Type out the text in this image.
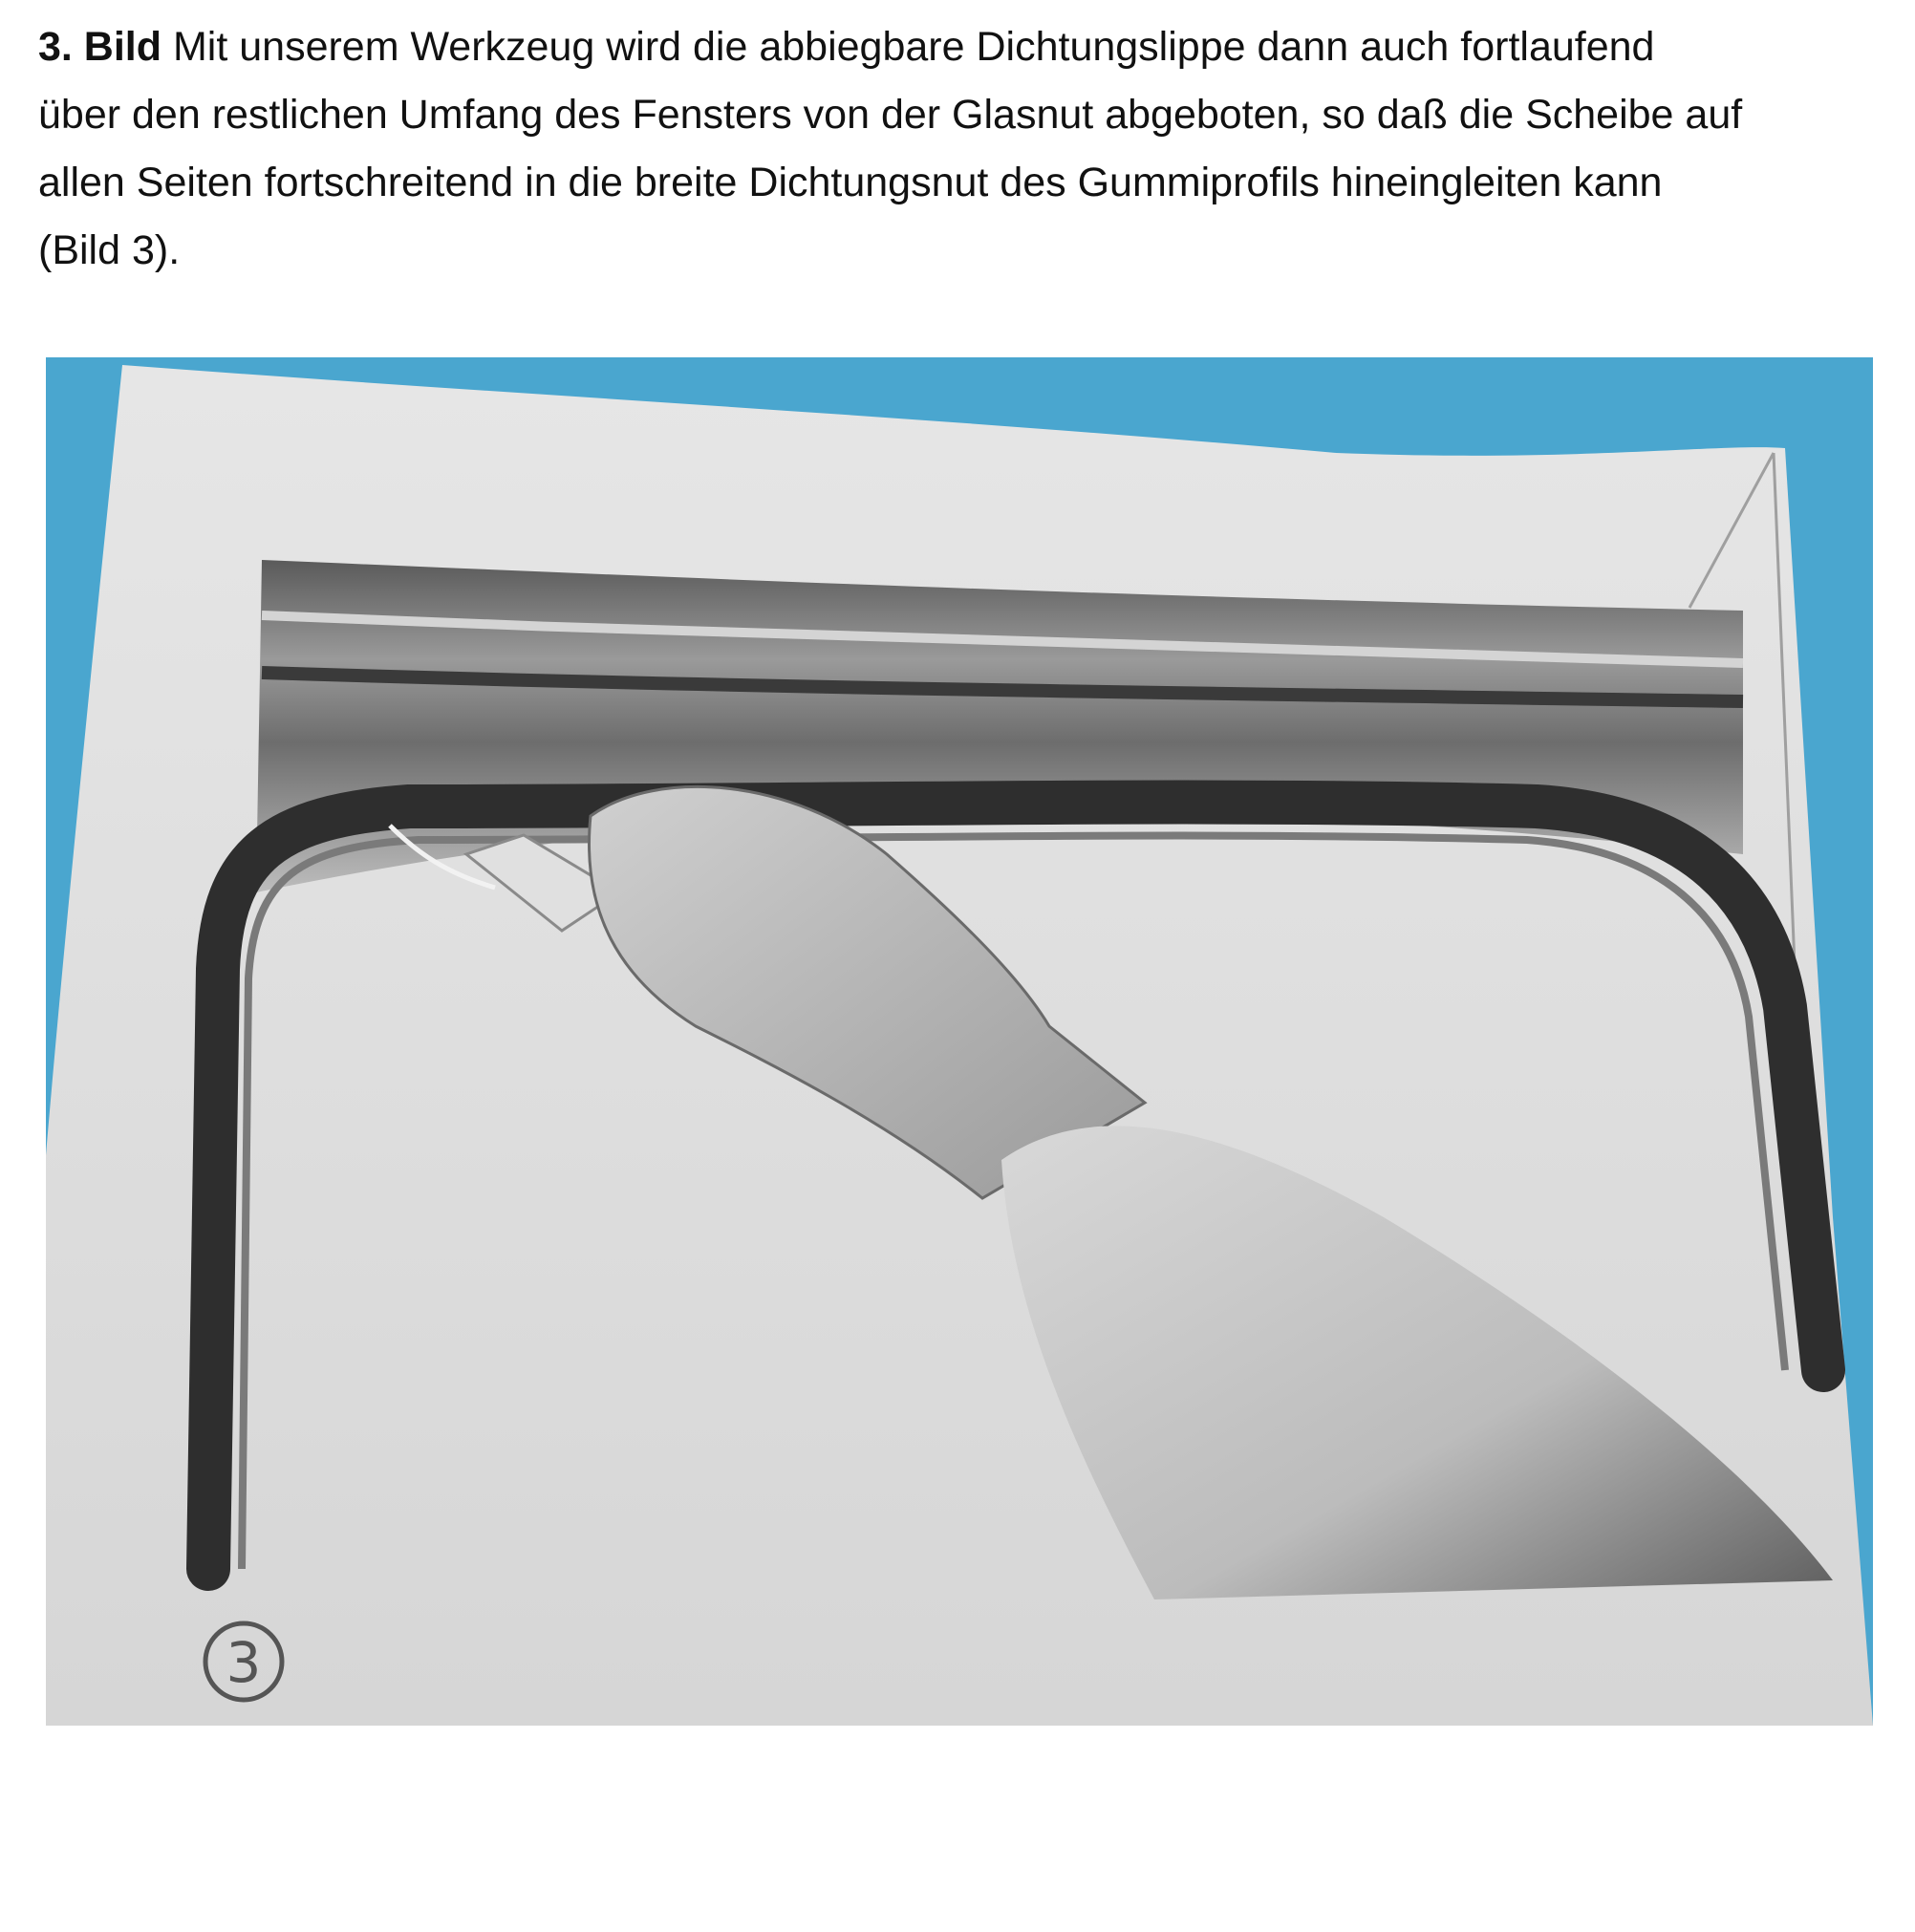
3. Bild Mit unserem Werkzeug wird die abbiegbare Dichtungslippe dann auch fortlaufend
über den restlichen Umfang des Fensters von der Glasnut abgeboten, so daß die Scheibe auf
allen Seiten fortschreitend in die breite Dichtungsnut des Gummiprofils hineingleiten kann
(Bild 3).
3
